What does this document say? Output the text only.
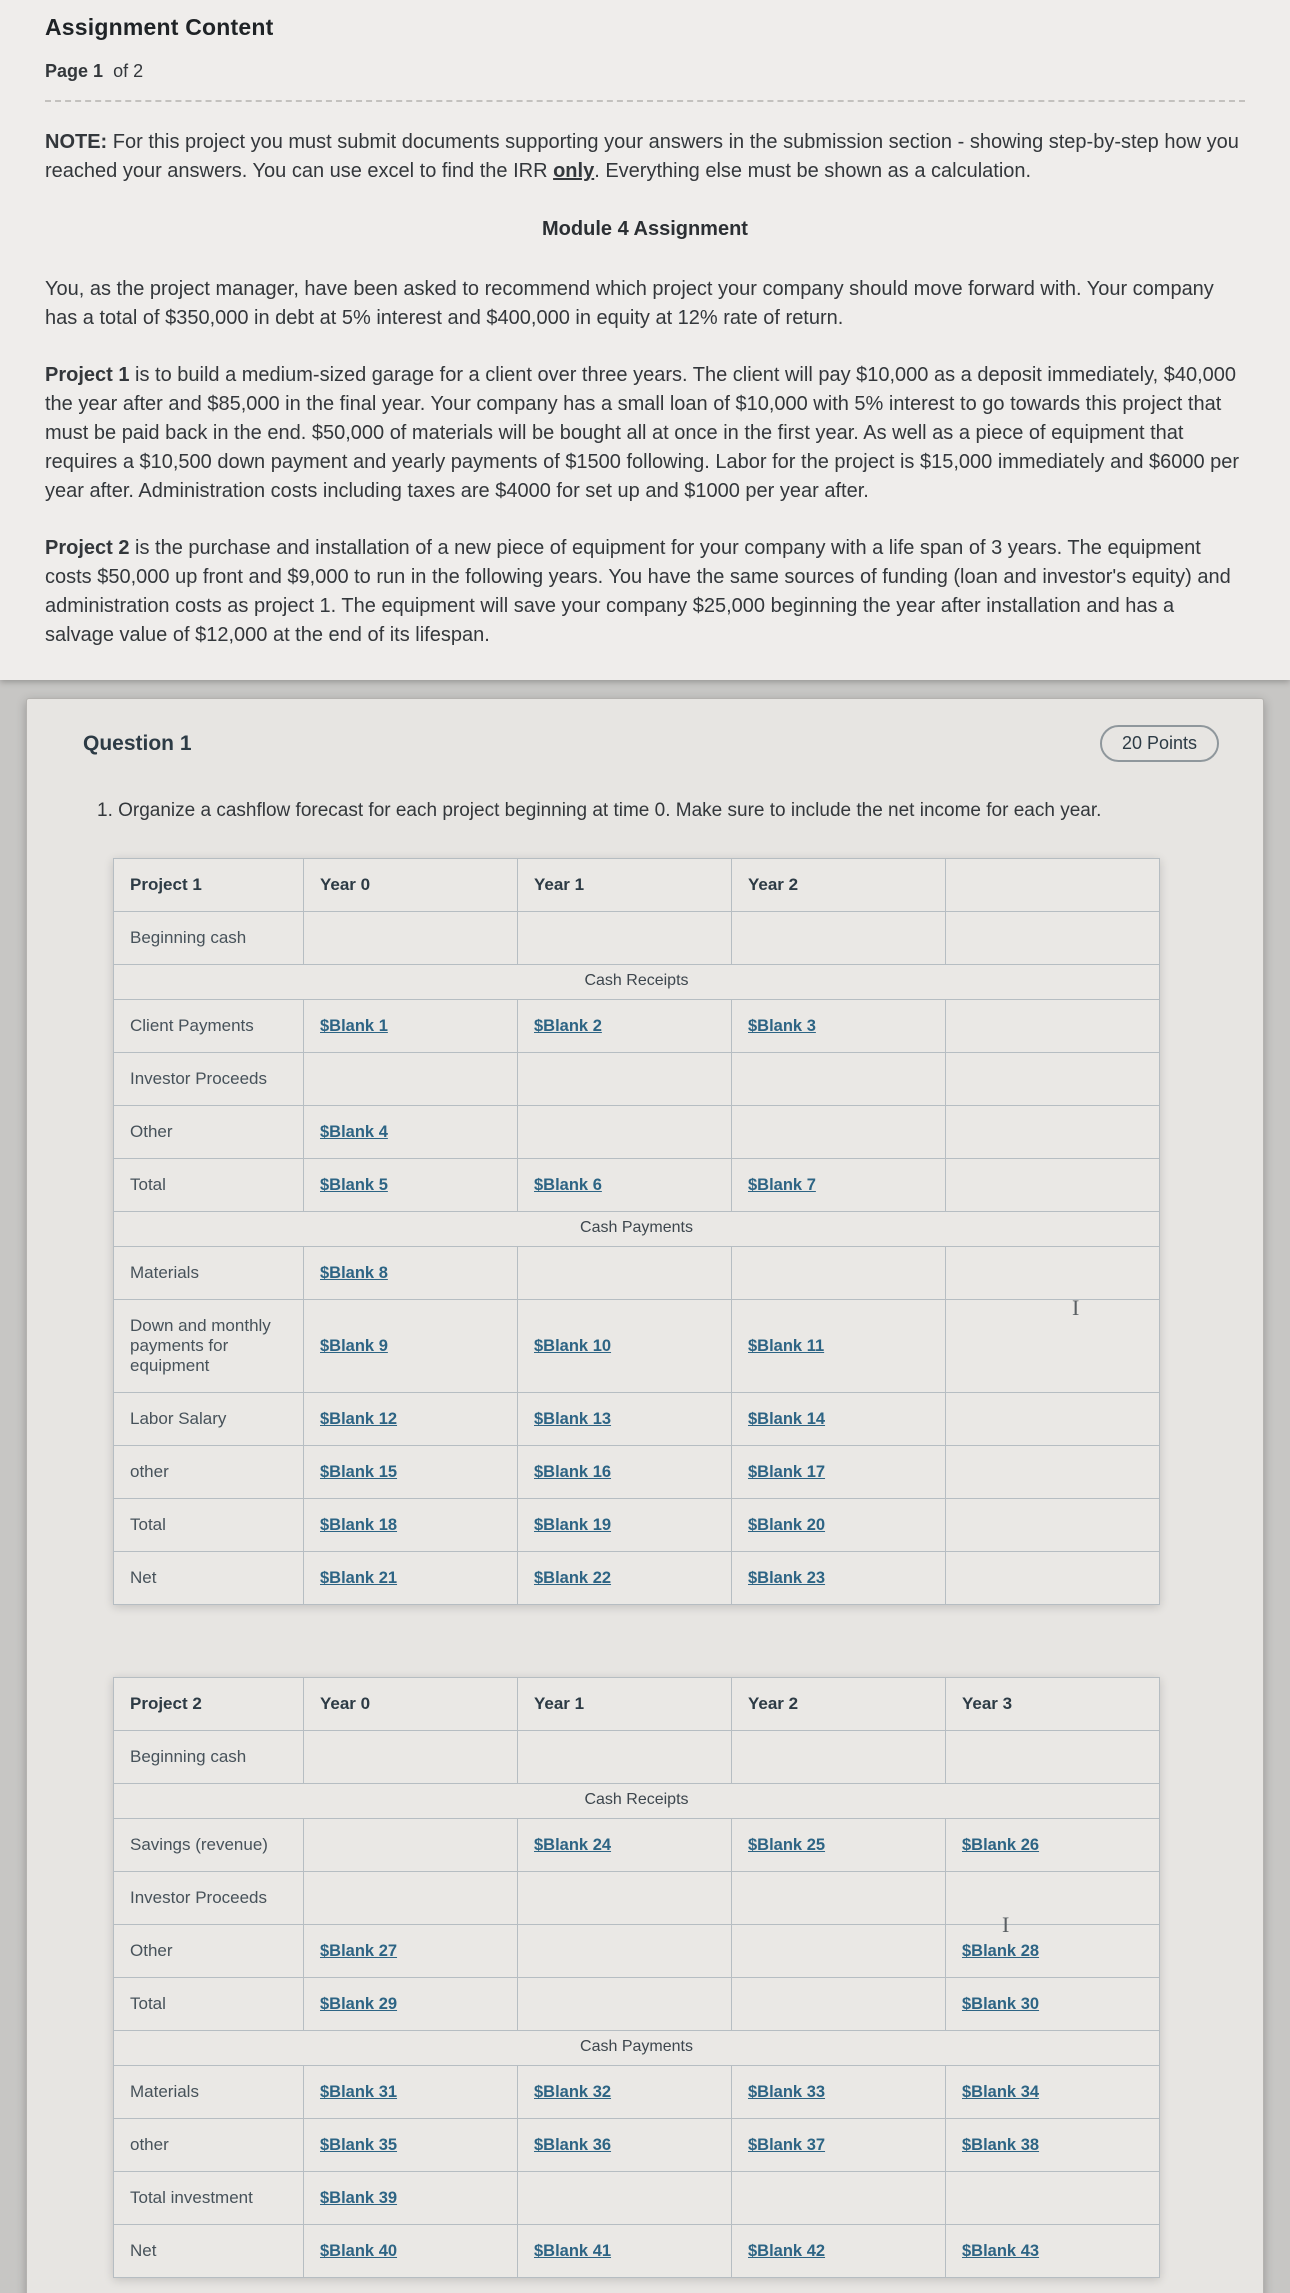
Assignment Content
Page 1 of 2

NOTE: For this project you must submit documents supporting your answers in the submission section - showing step-by-step how you reached your answers. You can use excel to find the IRR only. Everything else must be shown as a calculation.

Module 4 Assignment

You, as the project manager, have been asked to recommend which project your company should move forward with. Your company has a total of $350,000 in debt at 5% interest and $400,000 in equity at 12% rate of return.

Project 1 is to build a medium-sized garage for a client over three years. The client will pay $10,000 as a deposit immediately, $40,000 the year after and $85,000 in the final year. Your company has a small loan of $10,000 with 5% interest to go towards this project that must be paid back in the end. $50,000 of materials will be bought all at once in the first year. As well as a piece of equipment that requires a $10,500 down payment and yearly payments of $1500 following. Labor for the project is $15,000 immediately and $6000 per year after. Administration costs including taxes are $4000 for set up and $1000 per year after.

Project 2 is the purchase and installation of a new piece of equipment for your company with a life span of 3 years. The equipment costs $50,000 up front and $9,000 to run in the following years. You have the same sources of funding (loan and investor's equity) and administration costs as project 1. The equipment will save your company $25,000 beginning the year after installation and has a salvage value of $12,000 at the end of its lifespan.

Question 1	20 Points

1. Organize a cashflow forecast for each project beginning at time 0. Make sure to include the net income for each year.

Project 1	Year 0	Year 1	Year 2	
Beginning cash				
Cash Receipts				
Client Payments	$Blank 1	$Blank 2	$Blank 3	
Investor Proceeds				
Other	$Blank 4			
Total	$Blank 5	$Blank 6	$Blank 7	
Cash Payments				
Materials	$Blank 8			
Down and monthly payments for equipment	$Blank 9	$Blank 10	$Blank 11	
Labor Salary	$Blank 12	$Blank 13	$Blank 14	
other	$Blank 15	$Blank 16	$Blank 17	
Total	$Blank 18	$Blank 19	$Blank 20	
Net	$Blank 21	$Blank 22	$Blank 23	
Project 2	Year 0	Year 1	Year 2	Year 3
Beginning cash				
Cash Receipts				
Savings (revenue)		$Blank 24	$Blank 25	$Blank 26
Investor Proceeds				
Other	$Blank 27			$Blank 28
Total	$Blank 29			$Blank 30
Cash Payments				
Materials	$Blank 31	$Blank 32	$Blank 33	$Blank 34
other	$Blank 35	$Blank 36	$Blank 37	$Blank 38
Total investment	$Blank 39			
Net	$Blank 40	$Blank 41	$Blank 42	$Blank 43
I
I
